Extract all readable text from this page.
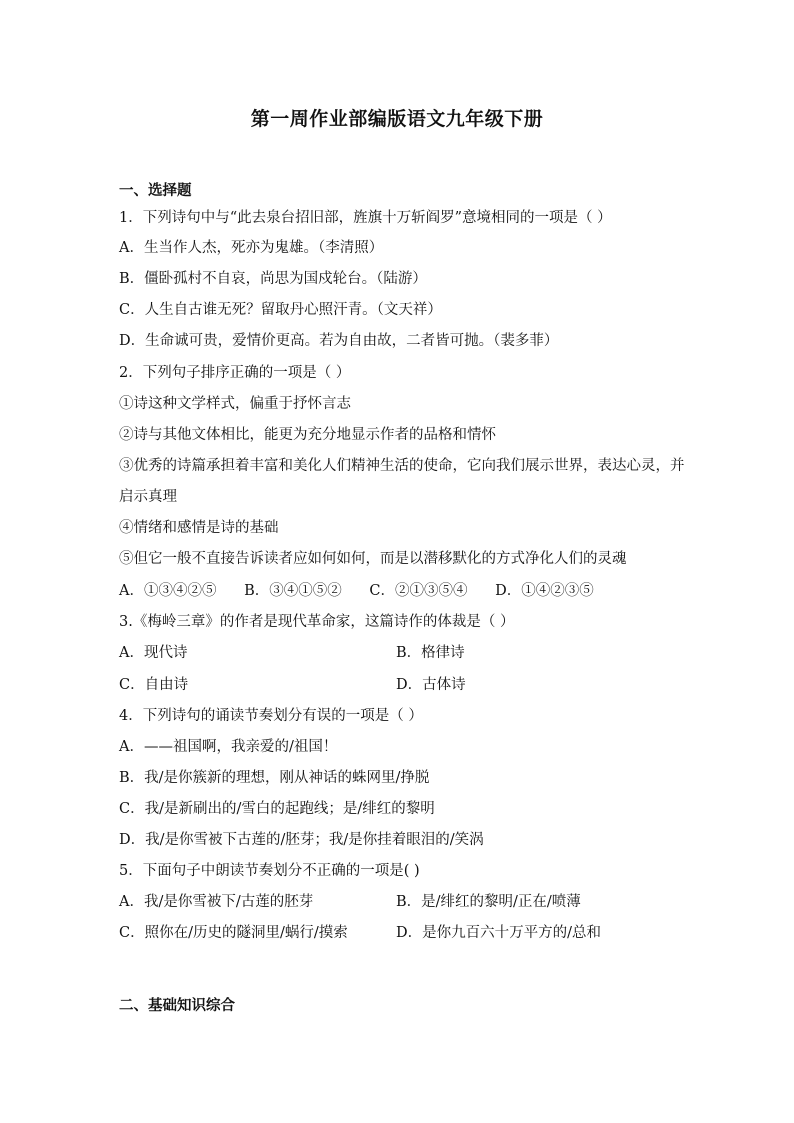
第一周作业部编版语文九年级下册
一、选择题
1．下列诗句中与“此去泉台招旧部，旌旗十万斩阎罗”意境相同的一项是（ ）
A．生当作人杰，死亦为鬼雄。（李清照）
B．僵卧孤村不自哀，尚思为国戍轮台。（陆游）
C．人生自古谁无死？留取丹心照汗青。（文天祥）
D．生命诚可贵，爱情价更高。若为自由故，二者皆可抛。（裴多菲）
2．下列句子排序正确的一项是（ ）
①诗这种文学样式，偏重于抒怀言志
②诗与其他文体相比，能更为充分地显示作者的品格和情怀
③优秀的诗篇承担着丰富和美化人们精神生活的使命，它向我们展示世界，表达心灵，并
启示真理
④情绪和感情是诗的基础
⑤但它一般不直接告诉读者应如何如何，而是以潜移默化的方式净化人们的灵魂
A．①③④②⑤      B．③④①⑤②      C．②①③⑤④      D．①④②③⑤
3.《梅岭三章》的作者是现代革命家，这篇诗作的体裁是（ ）
A．现代诗	B．格律诗
C．自由诗	D．古体诗
4．下列诗句的诵读节奏划分有误的一项是（ ）
A．——祖国啊，我亲爱的/祖国！
B．我/是你簇新的理想，刚从神话的蛛网里/挣脱
C．我/是新刷出的/雪白的起跑线；是/绯红的黎明
D．我/是你雪被下古莲的/胚芽；我/是你挂着眼泪的/笑涡
5．下面句子中朗读节奏划分不正确的一项是( )
A．我/是你雪被下/古莲的胚芽	B．是/绯红的黎明/正在/喷薄
C．照你在/历史的隧洞里/蜗行/摸索	D．是你九百六十万平方的/总和
二、基础知识综合
